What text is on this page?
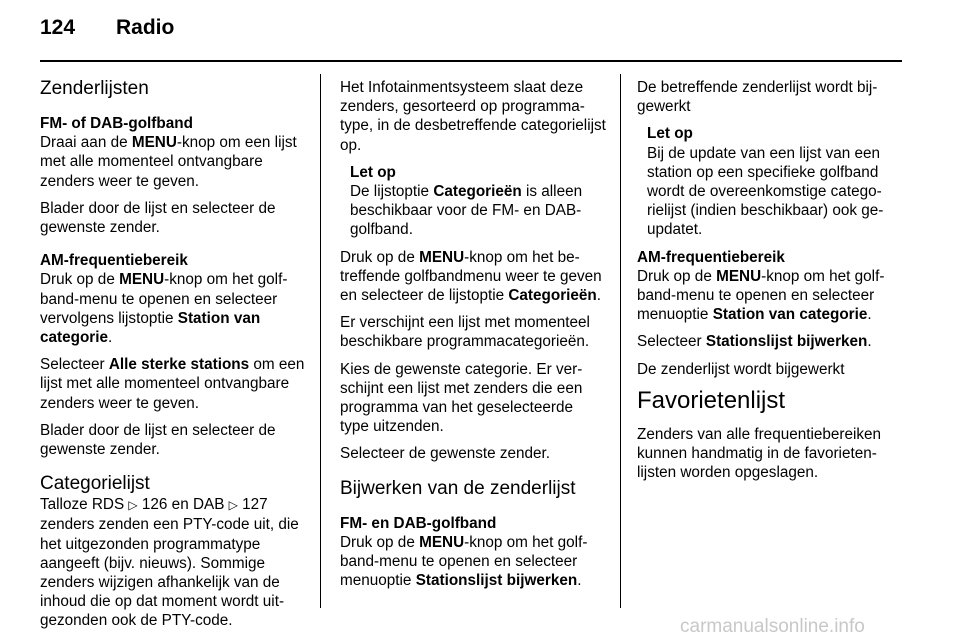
124 Radio
Zenderlijsten
FM- of DAB-golfband

Draai aan de MENU-knop om een lijst met alle momenteel ontvangbare zenders weer te geven.

Blader door de lijst en selecteer de gewenste zender.

AM-frequentiebereik

Druk op de MENU-knop om het golfband-menu te openen en selecteer vervolgens lijstoptie Station van categorie.

Selecteer Alle sterke stations om een lijst met alle momenteel ontvangbare zenders weer te geven.

Blader door de lijst en selecteer de gewenste zender.

Categorielijst

Talloze RDS ▷ 126 en DAB ▷ 127 zenders zenden een PTY-code uit, die het uitgezonden programmatype aangeeft (bijv. nieuws). Sommige zenders wijzigen afhankelijk van de inhoud die op dat moment wordt uitgezonden ook de PTY-code.

Het Infotainmentsysteem slaat deze zenders, gesorteerd op programmatype, in de desbetreffende categorielijst op.

Let op

De lijstoptie Categorieën is alleen beschikbaar voor de FM- en DAB-golfband.

Druk op de MENU-knop om het betreffende golfbandmenu weer te geven en selecteer de lijstoptie Categorieën.

Er verschijnt een lijst met momenteel beschikbare programmacategorieën.

Kies de gewenste categorie. Er verschijnt een lijst met zenders die een programma van het geselecteerde type uitzenden.

Selecteer de gewenste zender.

Bijwerken van de zenderlijst
FM- en DAB-golfband

Druk op de MENU-knop om het golfband-menu te openen en selecteer menuoptie Stationslijst bijwerken.

De betreffende zenderlijst wordt bijgewerkt

Let op

Bij de update van een lijst van een station op een specifieke golfband wordt de overeenkomstige categorielijst (indien beschikbaar) ook geupdatet.

AM-frequentiebereik

Druk op de MENU-knop om het golfband-menu te openen en selecteer menuoptie Station van categorie.

Selecteer Stationslijst bijwerken.

De zenderlijst wordt bijgewerkt

Favorietenlijst

Zenders van alle frequentiebereiken kunnen handmatig in de favorietenlijsten worden opgeslagen.

carmanualsonline.info
